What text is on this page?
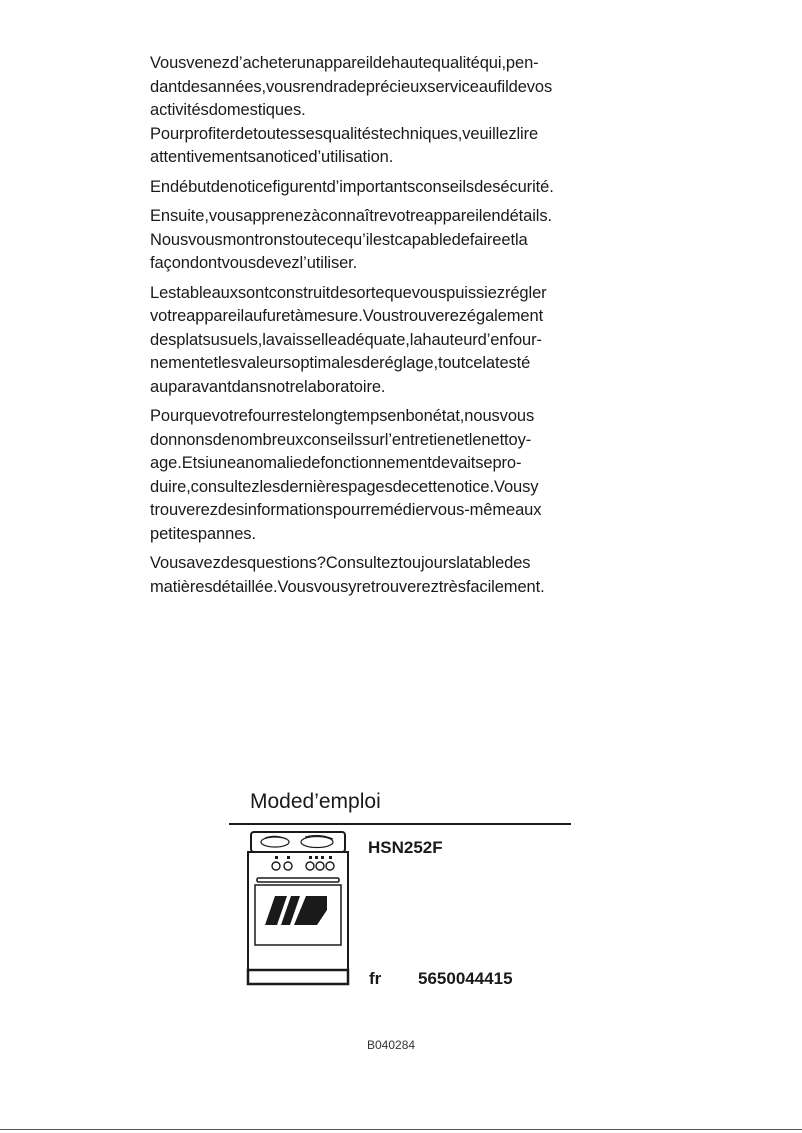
Vousvenezd’acheterunappareildehautequalitéqui,pen-dantdesannées,vousrendradeprécieuxserviceaufildevos activitésdomestiques. Pourprofiterdetoutessesqualitéstechniques,veuillezlire attentivementsanoticed’utilisation.

Endébutdenoticefigurentd’importantsconseilsdesécurité.

Ensuite,vousapprenezàconnaîtrevotreappareilendétails. Nousvousmontronstoutecequ’ilestcapabledefaireetla façondontvousdevezl’utiliser.

Lestableauxsontconstruitdesortequevouspuissiezrégler votreappareilaufuretàmesure.Voustrouverezégalement desplatsusuels,lavaisselleadéquate,lahauteurd’enfour-nementetlesvaleursoptimalesderéglage,toutcelatesté auparavantdansnotrelaboratoire.

Pourquevotrefourrestelongtempsenbonétat,nousvous donnonsdenombreuxconseilssurl’entretienetlenettoy-age.Etsiuneanomaliedefonctionnementdevaitsepro-duire,consultezlesdernièrespagesdecettenotice.Vousy trouverezdesinformationspourremédiervous-mêmeaux petitespannes.

Vousavezdesquestions?Consulteztoujourslatabledes matièresdétaillée.Vousvousyretrouvereztrèsfacilement.

Moded’emploi
HSN252F
fr 5650044415
B040284
